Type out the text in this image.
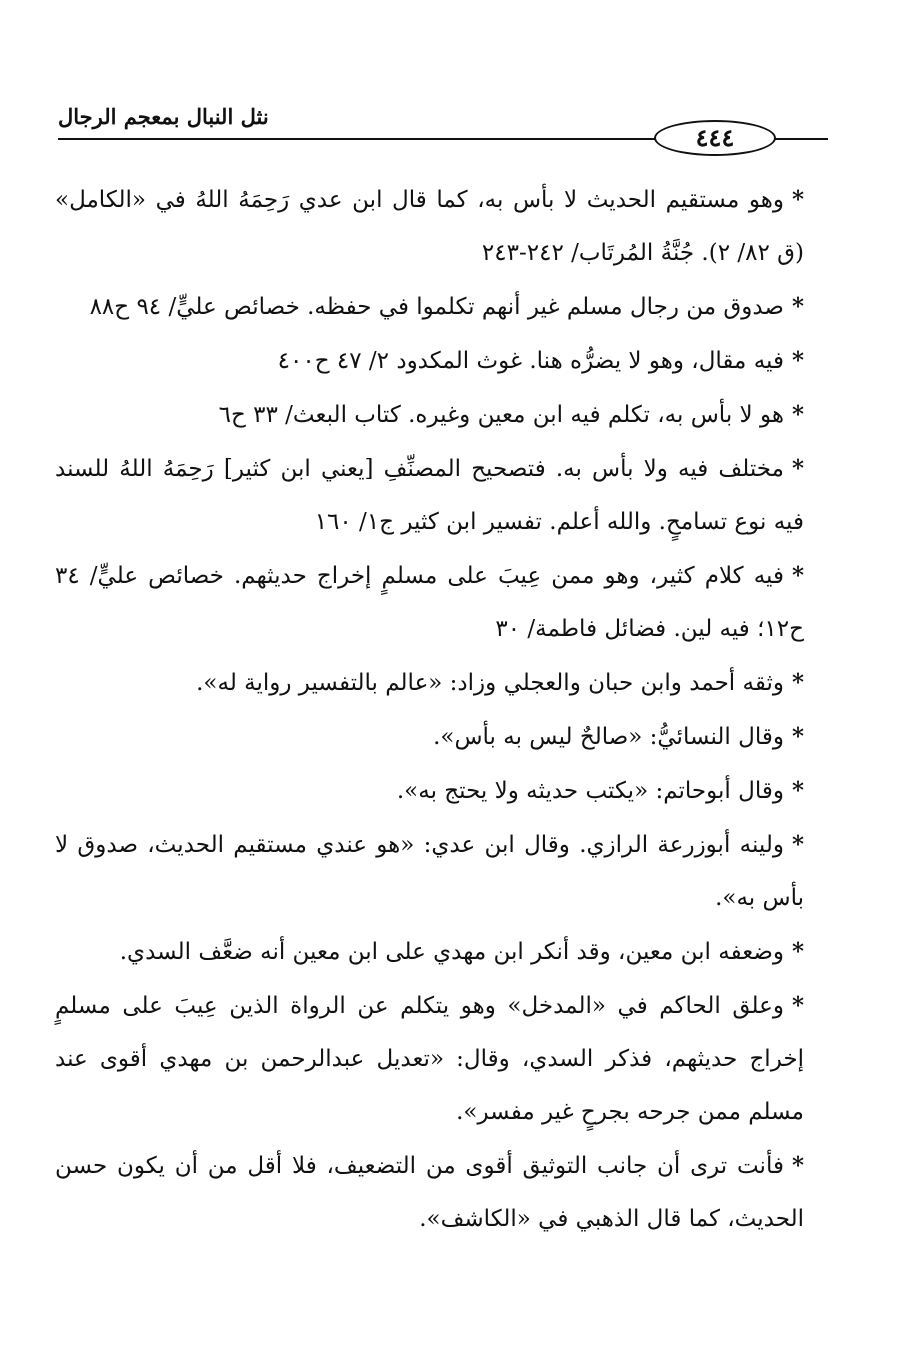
نثل النبال بمعجم الرجال
٤٤٤

*وهو مستقيم الحديث لا بأس به، كما قال ابن عدي رَحِمَهُ اللهُ في «الكامل» (ق ٨٢/ ٢). جُنَّةُ المُرتَاب/ ٢٤٢-٢٤٣

*صدوق من رجال مسلم غير أنهم تكلموا في حفظه. خصائص عليٍّ/ ٩٤ ح٨٨

*فيه مقال، وهو لا يضرُّه هنا. غوث المكدود ٢/ ٤٧ ح٤٠٠

*هو لا بأس به، تكلم فيه ابن معين وغيره. كتاب البعث/ ٣٣ ح٦

*مختلف فيه ولا بأس به. فتصحيح المصنِّفِ [يعني ابن كثير] رَحِمَهُ اللهُ للسند فيه نوع تسامحٍ. والله أعلم. تفسير ابن كثير ج١/ ١٦٠

*فيه كلام كثير، وهو ممن عِيبَ على مسلمٍ إخراج حديثهم. خصائص عليٍّ/ ٣٤ ح١٢؛ فيه لين. فضائل فاطمة/ ٣٠

*وثقه أحمد وابن حبان والعجلي وزاد: «عالم بالتفسير رواية له».

*وقال النسائيُّ: «صالحٌ ليس به بأس».

*وقال أبوحاتم: «يكتب حديثه ولا يحتج به».

*ولينه أبوزرعة الرازي. وقال ابن عدي: «هو عندي مستقيم الحديث، صدوق لا بأس به».

*وضعفه ابن معين، وقد أنكر ابن مهدي على ابن معين أنه ضعَّف السدي.

*وعلق الحاكم في «المدخل» وهو يتكلم عن الرواة الذين عِيبَ على مسلمٍ إخراج حديثهم، فذكر السدي، وقال: «تعديل عبدالرحمن بن مهدي أقوى عند مسلم ممن جرحه بجرحٍ غير مفسر».

*فأنت ترى أن جانب التوثيق أقوى من التضعيف، فلا أقل من أن يكون حسن الحديث، كما قال الذهبي في «الكاشف».
